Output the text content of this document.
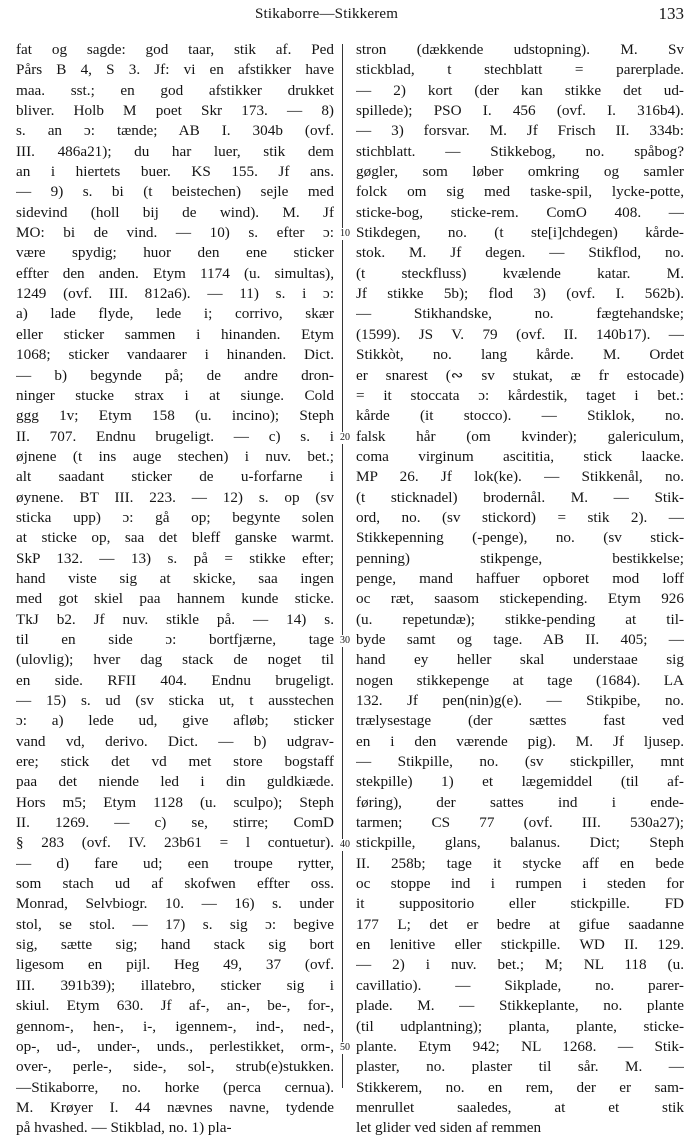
Stikaborre—Stikkerem	133
fat og sagde: god taar, stik af. Ped
Pårs B 4, S 3. Jf: vi en afstikker have
maa. sst.; en god afstikker drukket
bliver. Holb M poet Skr 173. — 8)
s. an ɔ: tænde; AB I. 304b (ovf.
III. 486a21); du har luer, stik dem
an i hiertets buer. KS 155. Jf ans.
— 9) s. bi (t beistechen) sejle med
sidevind (holl bij de wind). M. Jf
MO: bi de vind. — 10) s. efter ɔ:
være spydig; huor den ene sticker
effter den anden. Etym 1174 (u. simultas),
1249 (ovf. III. 812a6). — 11) s. i ɔ:
a) lade flyde, lede i; corrivo, skær
eller sticker sammen i hinanden. Etym
1068; sticker vandaarer i hinanden. Dict.
— b) begynde på; de andre dron-
ninger stucke strax i at siunge. Cold
ggg 1v; Etym 158 (u. incino); Steph
II. 707. Endnu brugeligt. — c) s. i
øjnene (t ins auge stechen) i nuv. bet.;
alt saadant sticker de u-forfarne i
øynene. BT III. 223. — 12) s. op (sv
sticka upp) ɔ: gå op; begynte solen
at sticke op, saa det bleff ganske warmt.
SkP 132. — 13) s. på = stikke efter;
hand viste sig at skicke, saa ingen
med got skiel paa hannem kunde sticke.
TkJ b2. Jf nuv. stikle på. — 14) s.
til en side ɔ: bortfjærne, tage
(ulovlig); hver dag stack de noget til
en side. RFII 404. Endnu brugeligt.
— 15) s. ud (sv sticka ut, t ausstechen
ɔ: a) lede ud, give afløb; sticker
vand vd, derivo. Dict. — b) udgrav-
ere; stick det vd met store bogstaff
paa det niende led i din guldkiæde.
Hors m5; Etym 1128 (u. sculpo); Steph
II. 1269. — c) se, stirre; ComD
§ 283 (ovf. IV. 23b61 = l contuetur).
— d) fare ud; een troupe rytter,
som stach ud af skofwen effter oss.
Monrad, Selvbiogr. 10. — 16) s. under
stol, se stol. — 17) s. sig ɔ: begive
sig, sætte sig; hand stack sig bort
ligesom en pijl. Heg 49, 37 (ovf.
III. 391b39); illatebro, sticker sig i
skiul. Etym 630. Jf af-, an-, be-, for-,
gennom-, hen-, i-, igennem-, ind-, ned-,
op-, ud-, under-, unds., perlestikket, orm-,
over-, perle-, side-, sol-, strub(e)stukken.
—Stikaborre, no. horke (perca cernua).
M. Krøyer I. 44 nævnes navne, tydende
på hvashed. — Stikblad, no. 1) pla-
stron (dækkende udstopning). M. Sv
stickblad, t stechblatt = parerplade.
— 2) kort (der kan stikke det ud-
spillede); PSO I. 456 (ovf. I. 316b4).
— 3) forsvar. M. Jf Frisch II. 334b:
stichblatt. — Stikkebog, no. spåbog?
gøgler, som løber omkring og samler
folck om sig med taske-spil, lycke-potte,
sticke-bog, sticke-rem. ComO 408. —
Stikdegen, no. (t ste[i]chdegen) kårde-
stok. M. Jf degen. — Stikflod, no.
(t steckfluss) kvælende katar. M.
Jf stikke 5b); flod 3) (ovf. I. 562b).
— Stikhandske, no. fægtehandske;
(1599). JS V. 79 (ovf. II. 140b17). —
Stikkòt, no. lang kårde. M. Ordet
er snarest (∾ sv stukat, æ fr estocade)
= it stoccata ɔ: kårdestik, taget i bet.:
kårde (it stocco). — Stiklok, no.
falsk hår (om kvinder); galericulum,
coma virginum ascititia, stick laacke.
MP 26. Jf lok(ke). — Stikkenål, no.
(t sticknadel) brodernål. M. — Stik-
ord, no. (sv stickord) = stik 2). —
Stikkepenning (-penge), no. (sv stick-
penning) stikpenge, bestikkelse;
penge, mand haffuer opboret mod loff
oc ræt, saasom stickepending. Etym 926
(u. repetundæ); stikke-pending at til-
byde samt og tage. AB II. 405; —
hand ey heller skal understaae sig
nogen stikkepenge at tage (1684). LA
132. Jf pen(nin)g(e). — Stikpibe, no.
trælysestage (der sættes fast ved
en i den værende pig). M. Jf ljusep.
— Stikpille, no. (sv stickpiller, mnt
stekpille) 1) et lægemiddel (til af-
føring), der sattes ind i ende-
tarmen; CS 77 (ovf. III. 530a27);
stickpille, glans, balanus. Dict; Steph
II. 258b; tage it stycke aff en bede
oc stoppe ind i rumpen i steden for
it suppositorio eller stickpille. FD
177 L; det er bedre at gifue saadanne
en lenitive eller stickpille. WD II. 129.
— 2) i nuv. bet.; M; NL 118 (u.
cavillatio). — Sikplade, no. parer-
plade. M. — Stikkeplante, no. plante
(til udplantning); planta, plante, sticke-
plante. Etym 942; NL 1268. — Stik-
plaster, no. plaster til sår. M. —
Stikkerem, no. en rem, der er sam-
menrullet saaledes, at et stik
let glider ved siden af remmen
10
20
30
40
50
